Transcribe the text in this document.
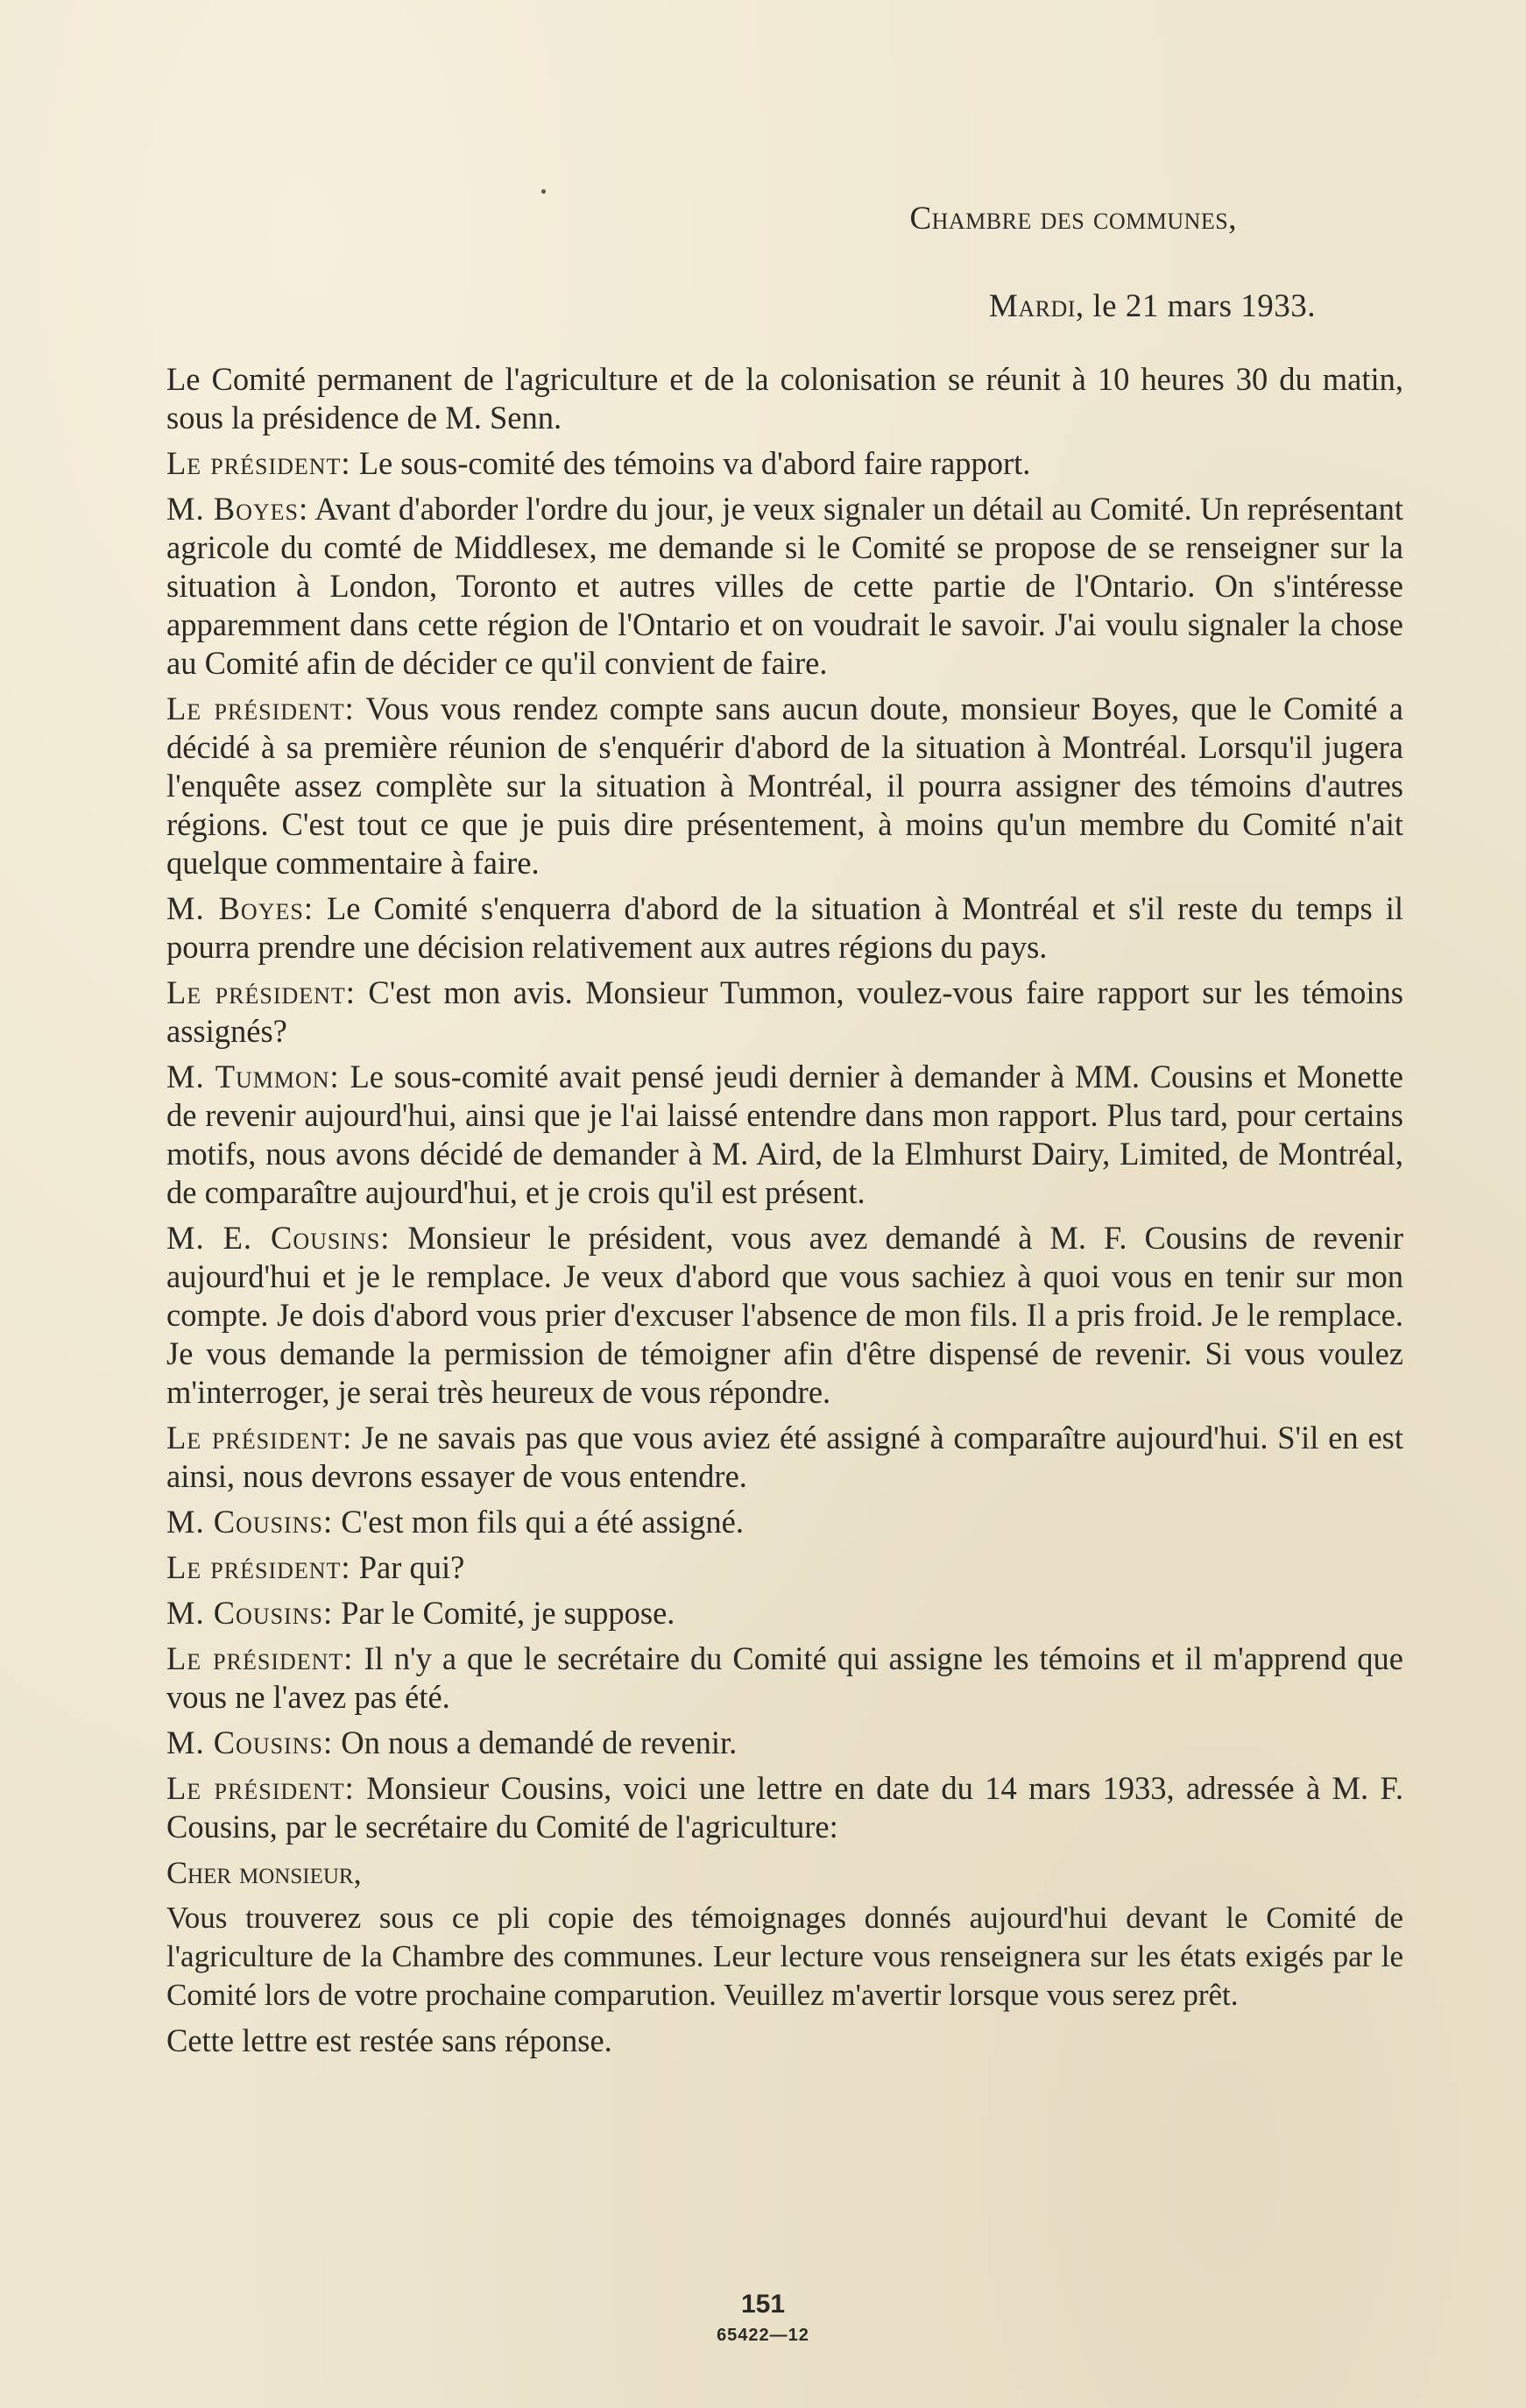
Chambre des communes,

Mardi, le 21 mars 1933.

Le Comité permanent de l'agriculture et de la colonisation se réunit à 10 heures 30 du matin, sous la présidence de M. Senn.

Le président: Le sous-comité des témoins va d'abord faire rapport.

M. Boyes: Avant d'aborder l'ordre du jour, je veux signaler un détail au Comité. Un représentant agricole du comté de Middlesex, me demande si le Comité se propose de se renseigner sur la situation à London, Toronto et autres villes de cette partie de l'Ontario. On s'intéresse apparemment dans cette région de l'Ontario et on voudrait le savoir. J'ai voulu signaler la chose au Comité afin de décider ce qu'il convient de faire.

Le président: Vous vous rendez compte sans aucun doute, monsieur Boyes, que le Comité a décidé à sa première réunion de s'enquérir d'abord de la situation à Montréal. Lorsqu'il jugera l'enquête assez complète sur la situation à Montréal, il pourra assigner des témoins d'autres régions. C'est tout ce que je puis dire présentement, à moins qu'un membre du Comité n'ait quelque commentaire à faire.

M. Boyes: Le Comité s'enquerra d'abord de la situation à Montréal et s'il reste du temps il pourra prendre une décision relativement aux autres régions du pays.

Le président: C'est mon avis. Monsieur Tummon, voulez-vous faire rapport sur les témoins assignés?

M. Tummon: Le sous-comité avait pensé jeudi dernier à demander à MM. Cousins et Monette de revenir aujourd'hui, ainsi que je l'ai laissé entendre dans mon rapport. Plus tard, pour certains motifs, nous avons décidé de demander à M. Aird, de la Elmhurst Dairy, Limited, de Montréal, de comparaître aujourd'hui, et je crois qu'il est présent.

M. E. Cousins: Monsieur le président, vous avez demandé à M. F. Cousins de revenir aujourd'hui et je le remplace. Je veux d'abord que vous sachiez à quoi vous en tenir sur mon compte. Je dois d'abord vous prier d'excuser l'absence de mon fils. Il a pris froid. Je le remplace. Je vous demande la permission de témoigner afin d'être dispensé de revenir. Si vous voulez m'interroger, je serai très heureux de vous répondre.

Le président: Je ne savais pas que vous aviez été assigné à comparaître aujourd'hui. S'il en est ainsi, nous devrons essayer de vous entendre.

M. Cousins: C'est mon fils qui a été assigné.

Le président: Par qui?

M. Cousins: Par le Comité, je suppose.

Le président: Il n'y a que le secrétaire du Comité qui assigne les témoins et il m'apprend que vous ne l'avez pas été.

M. Cousins: On nous a demandé de revenir.

Le président: Monsieur Cousins, voici une lettre en date du 14 mars 1933, adressée à M. F. Cousins, par le secrétaire du Comité de l'agriculture:

Cher monsieur,

Vous trouverez sous ce pli copie des témoignages donnés aujourd'hui devant le Comité de l'agriculture de la Chambre des communes. Leur lecture vous renseignera sur les états exigés par le Comité lors de votre prochaine comparution. Veuillez m'avertir lorsque vous serez prêt.

Cette lettre est restée sans réponse.

151
65422—12
